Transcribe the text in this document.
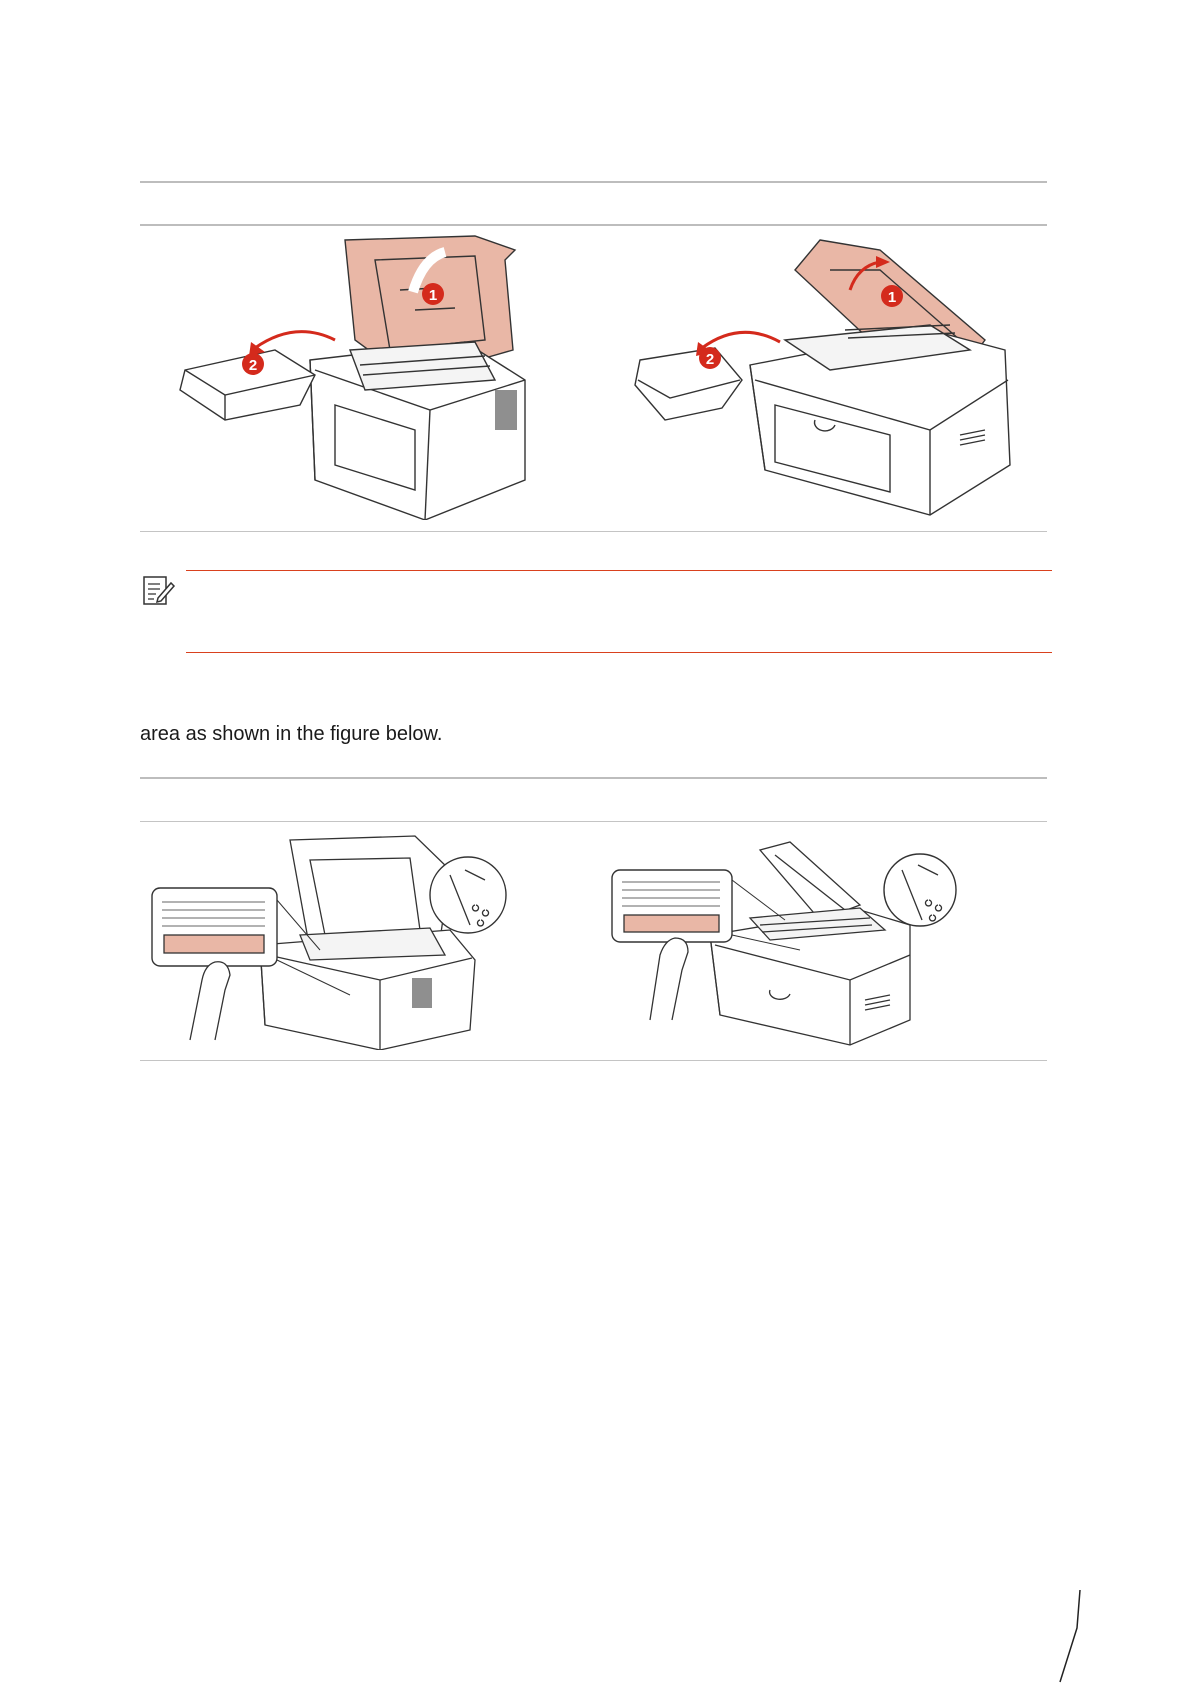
1
2
1
2
area as shown in the figure below.
